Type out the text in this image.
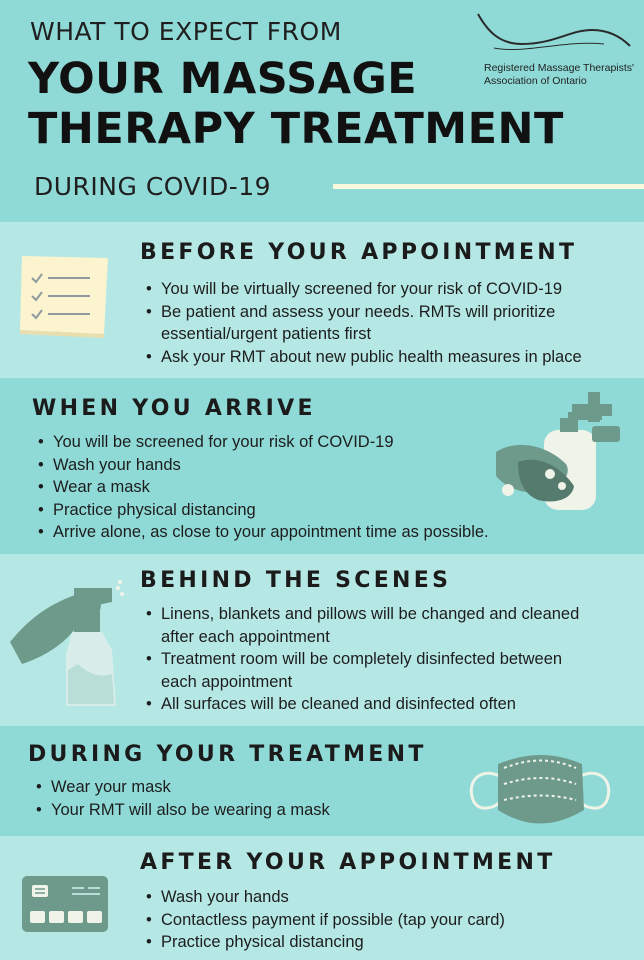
WHAT TO EXPECT FROM
YOUR MASSAGE
THERAPY TREATMENT
DURING COVID-19
Registered Massage Therapists'
Association of Ontario
BEFORE YOUR APPOINTMENT
• You will be virtually screened for your risk of COVID-19
• Be patient and assess your needs. RMTs will prioritize
essential/urgent patients first
• Ask your RMT about new public health measures in place
WHEN YOU ARRIVE
• You will be screened for your risk of COVID-19
• Wash your hands
• Wear a mask
• Practice physical distancing
• Arrive alone, as close to your appointment time as possible.
BEHIND THE SCENES
• Linens, blankets and pillows will be changed and cleaned
after each appointment
• Treatment room will be completely disinfected between
each appointment
• All surfaces will be cleaned and disinfected often
DURING YOUR TREATMENT
• Wear your mask
• Your RMT will also be wearing a mask
AFTER YOUR APPOINTMENT
• Wash your hands
• Contactless payment if possible (tap your card)
• Practice physical distancing
